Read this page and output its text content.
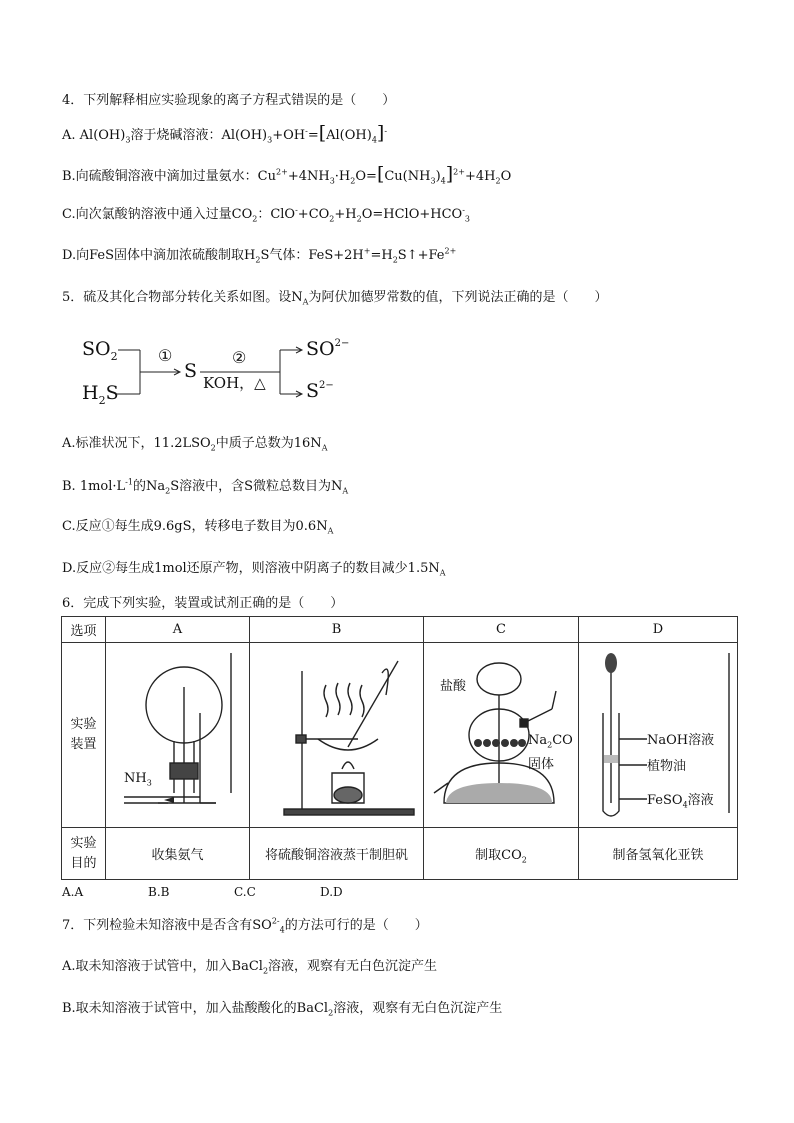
4．下列解释相应实验现象的离子方程式错误的是（　　）
A. $Al(OH)_3$溶于烧碱溶液：$Al(OH)_3+OH^-=[Al(OH)_4]^-$
B.向硫酸铜溶液中滴加过量氨水：$Cu^{2+}+4NH_3\cdot H_2O=[Cu(NH_3)_4]^{2+}+4H_2O$
C.向次氯酸钠溶液中通入过量$CO_2$：$ClO^-+CO_2+H_2O=HClO+HCO^-_3$
D.向FeS固体中滴加浓硫酸制取$H_2S$气体：$FeS+2H^+=H_2S↑+Fe^{2+}$
5．硫及其化合物部分转化关系如图。设$N_A$为阿伏加德罗常数的值，下列说法正确的是（　　）
$SO_2$
$H_2S$
①
S
②
KOH，△
$SO^{2-}$
$S^{2-}$
A.标准状况下，$11.2LSO_2$中质子总数为$16N_A$
B. $1mol\cdot L^{-1}$的$Na_2S$溶液中，含S微粒总数目为$N_A$
C.反应①每生成9.6gS，转移电子数目为$0.6N_A$
D.反应②每生成1mol还原产物，则溶液中阴离子的数目减少$1.5N_A$
6．完成下列实验，装置或试剂正确的是（　　）
选项	A	B	C	D
实验
装置	$NH_3$		盐酸
$Na_2CO$
固体	NaOH溶液
植物油
FeSO$_4$溶液

实验
目的	收集氨气	将硫酸铜溶液蒸干制胆矾	制取$CO_2$	制备氢氧化亚铁
A.A	B.B	C.C	D.D
7．下列检验未知溶液中是否含有$SO^{2-}_4$的方法可行的是（　　）
A.取未知溶液于试管中，加入BaCl$_2$溶液，观察有无白色沉淀产生
B.取未知溶液于试管中，加入盐酸酸化的BaCl$_2$溶液，观察有无白色沉淀产生
